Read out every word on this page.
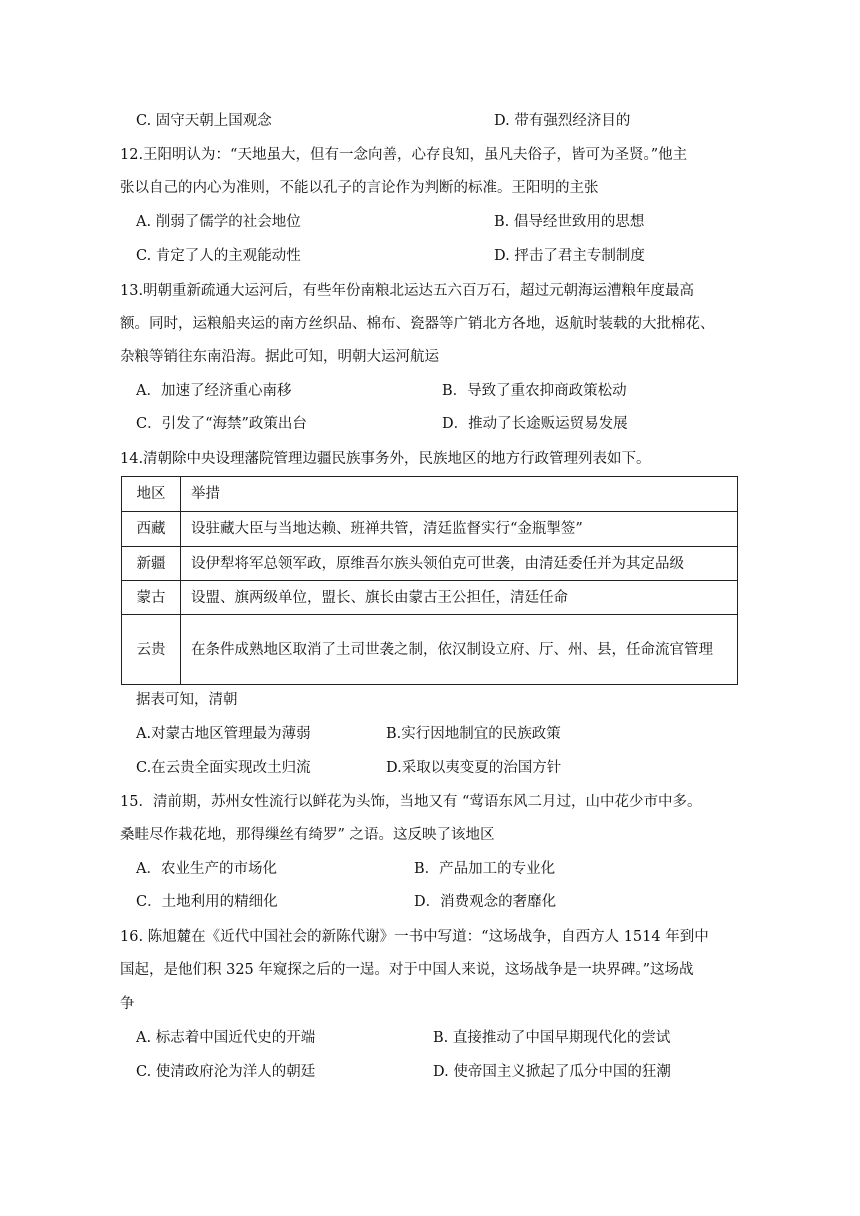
C. 固守天朝上国观念	D. 带有强烈经济目的
12.王阳明认为：“天地虽大，但有一念向善，心存良知，虽凡夫俗子，皆可为圣贤。”他主
张以自己的内心为准则，不能以孔子的言论作为判断的标准。王阳明的主张
A. 削弱了儒学的社会地位	B. 倡导经世致用的思想
C. 肯定了人的主观能动性	D. 抨击了君主专制制度
13.明朝重新疏通大运河后，有些年份南粮北运达五六百万石，超过元朝海运漕粮年度最高
额。同时，运粮船夹运的南方丝织品、棉布、瓷器等广销北方各地，返航时装载的大批棉花、
杂粮等销往东南沿海。据此可知，明朝大运河航运
A．加速了经济重心南移	B．导致了重农抑商政策松动
C．引发了“海禁”政策出台	D．推动了长途贩运贸易发展
14.清朝除中央设理藩院管理边疆民族事务外，民族地区的地方行政管理列表如下。
地区	举措
西藏	设驻藏大臣与当地达赖、班禅共管，清廷监督实行“金瓶掣签”
新疆	设伊犁将军总领军政，原维吾尔族头领伯克可世袭，由清廷委任并为其定品级
蒙古	设盟、旗两级单位，盟长、旗长由蒙古王公担任，清廷任命
云贵	在条件成熟地区取消了土司世袭之制，依汉制设立府、厅、州、县，任命流官管理
据表可知，清朝
A.对蒙古地区管理最为薄弱	B.实行因地制宜的民族政策
C.在云贵全面实现改土归流	D.采取以夷变夏的治国方针
15．清前期，苏州女性流行以鲜花为头饰，当地又有 “莺语东风二月过，山中花少市中多。
桑畦尽作栽花地，那得缫丝有绮罗” 之语。这反映了该地区
A．农业生产的市场化	B．产品加工的专业化
C．土地利用的精细化	D．消费观念的奢靡化
16. 陈旭麓在《近代中国社会的新陈代谢》一书中写道：“这场战争，自西方人 1514 年到中
国起，是他们积 325 年窥探之后的一逞。对于中国人来说，这场战争是一块界碑。”这场战
争
A. 标志着中国近代史的开端	B. 直接推动了中国早期现代化的尝试
C. 使清政府沦为洋人的朝廷	D. 使帝国主义掀起了瓜分中国的狂潮
